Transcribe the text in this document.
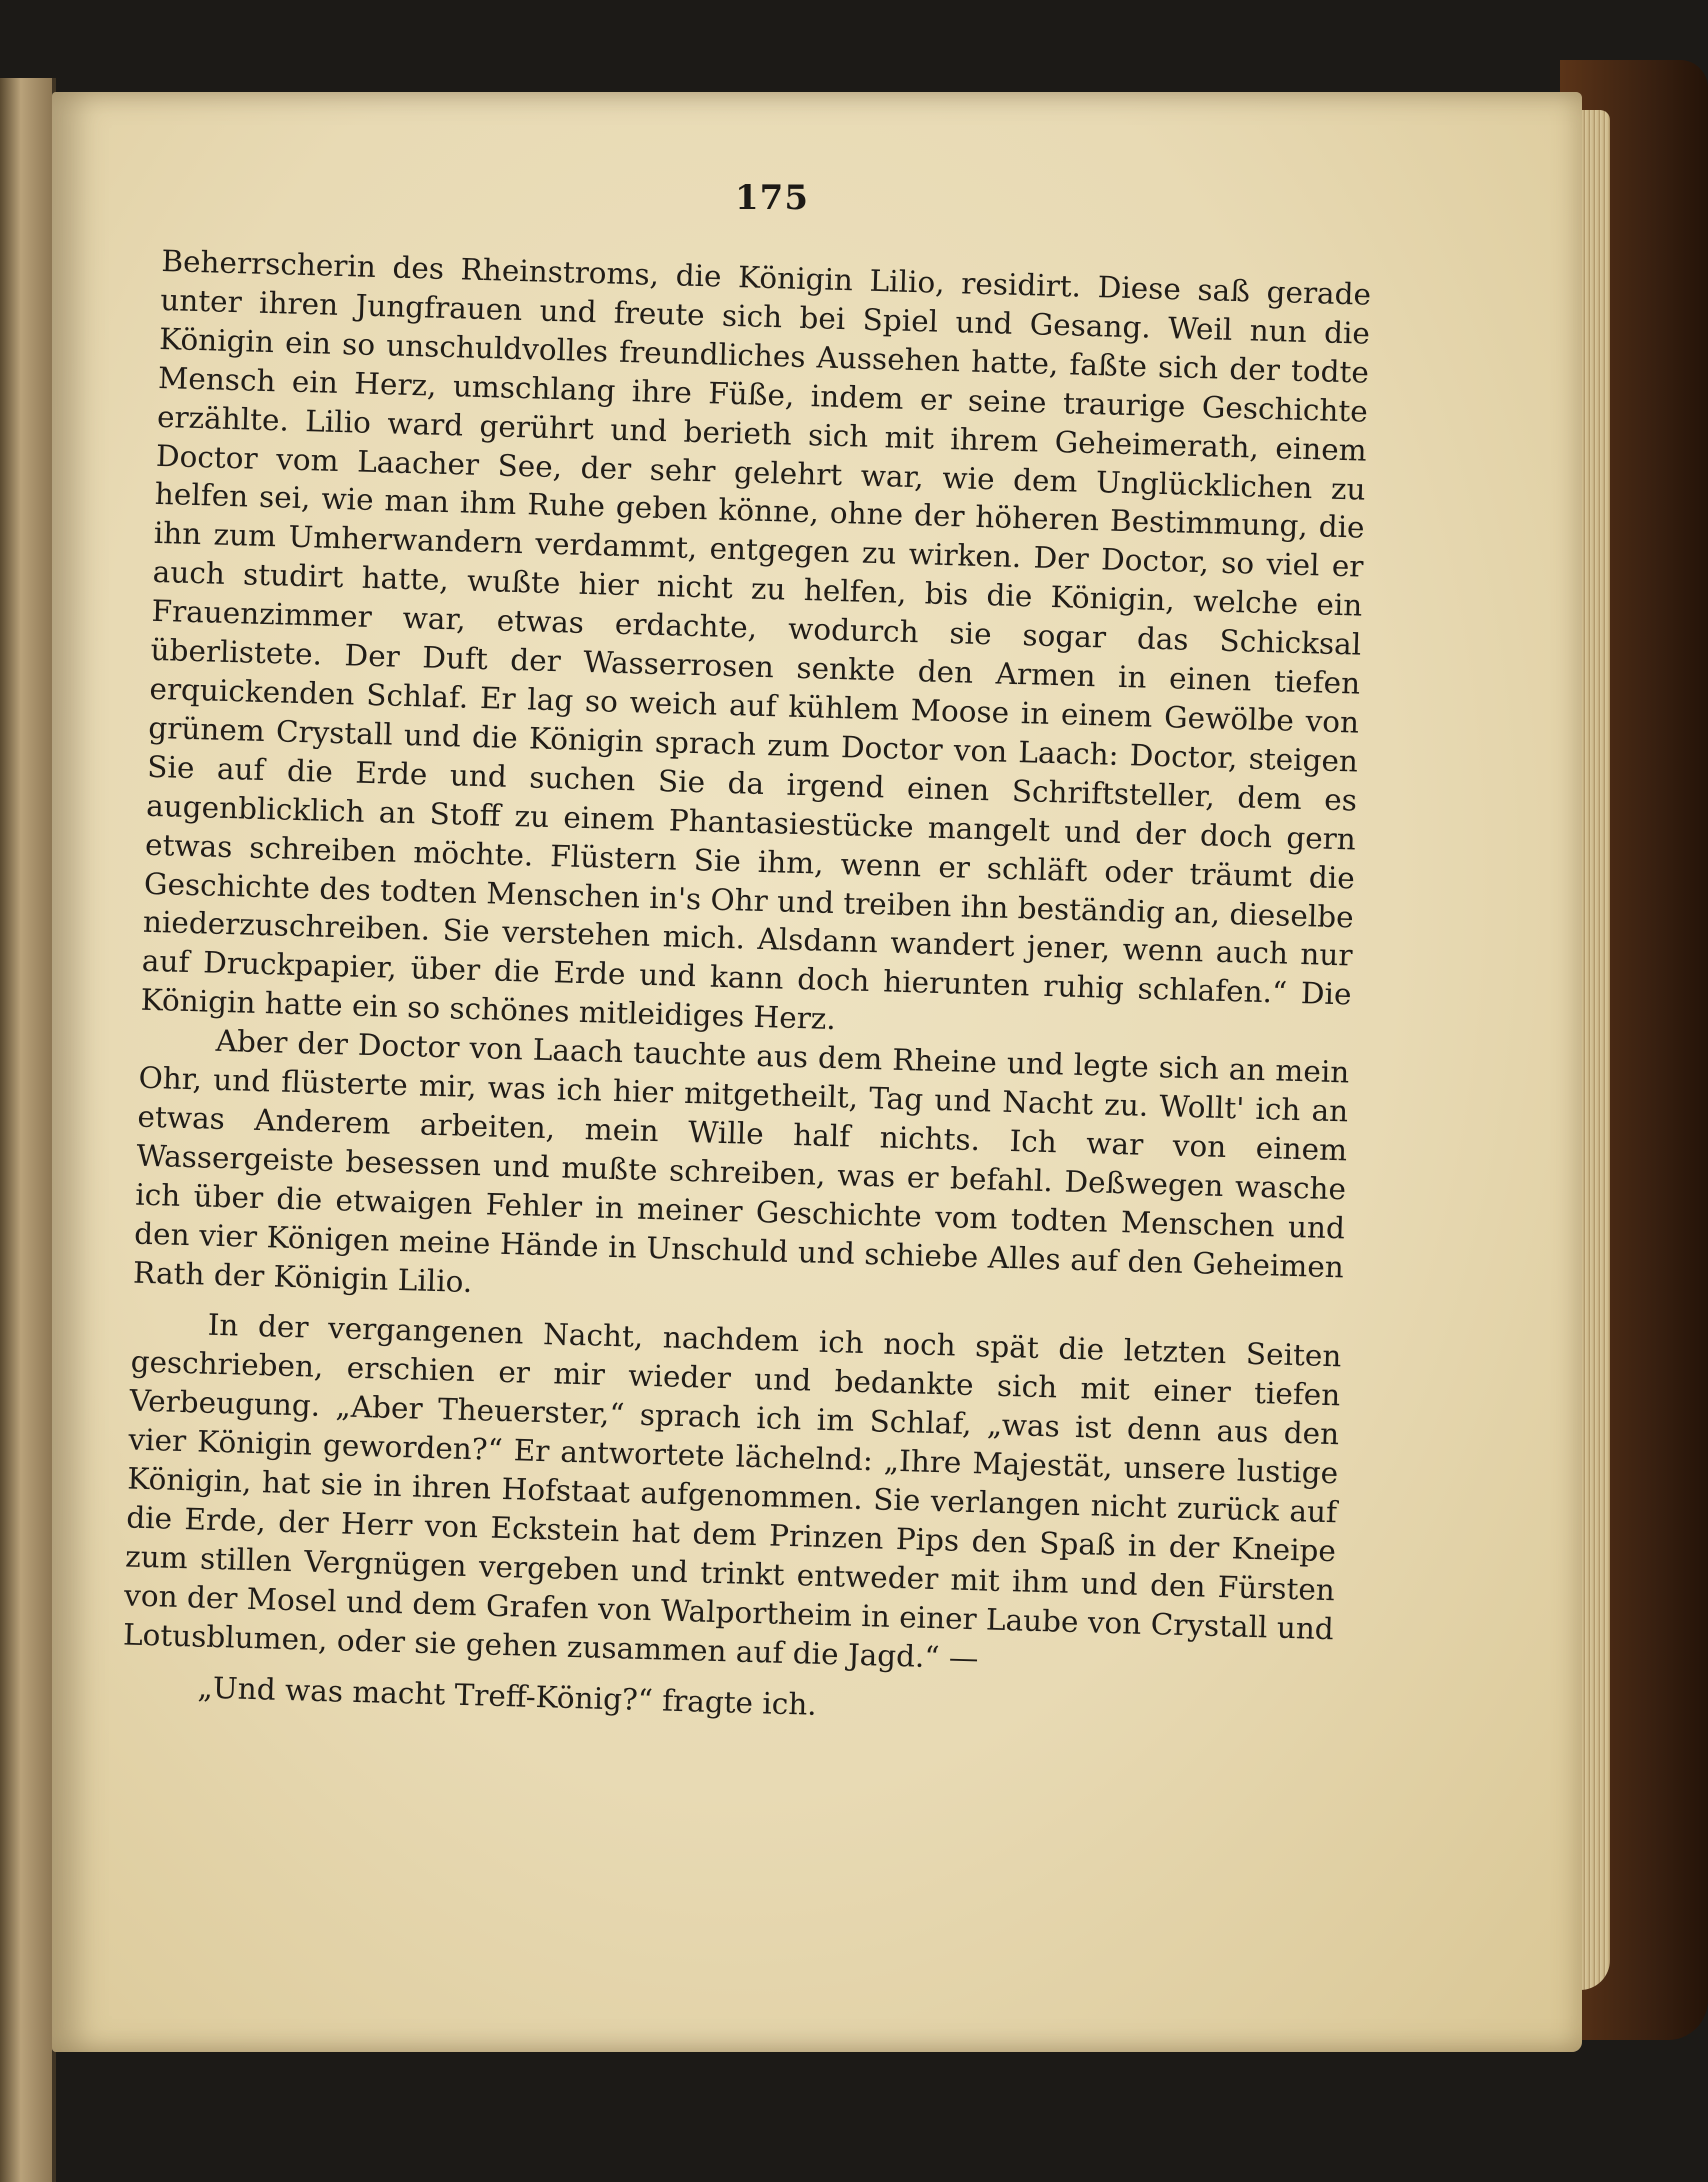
175

Beherrscherin des Rheinstroms, die Königin Lilio, residirt. Diese saß gerade unter ihren Jungfrauen und freute sich bei Spiel und Gesang. Weil nun die Königin ein so unschuldvolles freundliches Aussehen hatte, faßte sich der todte Mensch ein Herz, umschlang ihre Füße, indem er seine traurige Geschichte erzählte. Lilio ward gerührt und berieth sich mit ihrem Geheimerath, einem Doctor vom Laacher See, der sehr gelehrt war, wie dem Unglücklichen zu helfen sei, wie man ihm Ruhe geben könne, ohne der höheren Bestimmung, die ihn zum Umherwandern verdammt, entgegen zu wirken. Der Doctor, so viel er auch studirt hatte, wußte hier nicht zu helfen, bis die Königin, welche ein Frauenzimmer war, etwas erdachte, wodurch sie sogar das Schicksal überlistete. Der Duft der Wasserrosen senkte den Armen in einen tiefen erquickenden Schlaf. Er lag so weich auf kühlem Moose in einem Gewölbe von grünem Crystall und die Königin sprach zum Doctor von Laach: Doctor, steigen Sie auf die Erde und suchen Sie da irgend einen Schriftsteller, dem es augenblicklich an Stoff zu einem Phantasiestücke mangelt und der doch gern etwas schreiben möchte. Flüstern Sie ihm, wenn er schläft oder träumt die Geschichte des todten Menschen in's Ohr und treiben ihn beständig an, dieselbe niederzuschreiben. Sie verstehen mich. Alsdann wandert jener, wenn auch nur auf Druckpapier, über die Erde und kann doch hierunten ruhig schlafen.“ Die Königin hatte ein so schönes mitleidiges Herz.

Aber der Doctor von Laach tauchte aus dem Rheine und legte sich an mein Ohr, und flüsterte mir, was ich hier mitgetheilt, Tag und Nacht zu. Wollt' ich an etwas Anderem arbeiten, mein Wille half nichts. Ich war von einem Wassergeiste besessen und mußte schreiben, was er befahl. Deßwegen wasche ich über die etwaigen Fehler in meiner Geschichte vom todten Menschen und den vier Königen meine Hände in Unschuld und schiebe Alles auf den Geheimen Rath der Königin Lilio.

In der vergangenen Nacht, nachdem ich noch spät die letzten Seiten geschrieben, erschien er mir wieder und bedankte sich mit einer tiefen Verbeugung. „Aber Theuerster,“ sprach ich im Schlaf, „was ist denn aus den vier Königin geworden?“ Er antwortete lächelnd: „Ihre Majestät, unsere lustige Königin, hat sie in ihren Hofstaat aufgenommen. Sie verlangen nicht zurück auf die Erde, der Herr von Eckstein hat dem Prinzen Pips den Spaß in der Kneipe zum stillen Vergnügen vergeben und trinkt entweder mit ihm und den Fürsten von der Mosel und dem Grafen von Walportheim in einer Laube von Crystall und Lotusblumen, oder sie gehen zusammen auf die Jagd.“ —

„Und was macht Treff-König?“ fragte ich.
